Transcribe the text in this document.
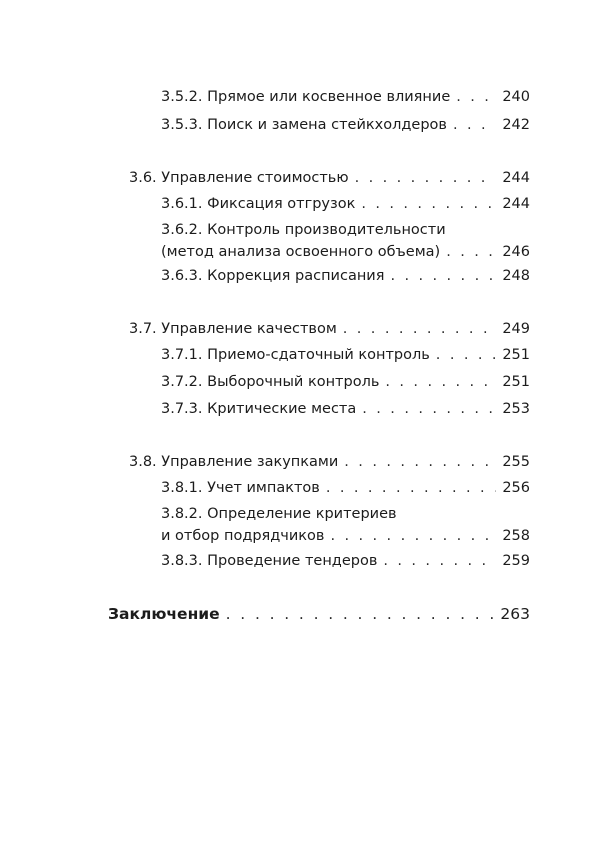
3.5.2. Прямое или косвенное влияние . . .	240
3.5.3. Поиск и замена стейкхолдеров . . .	242
3.6. Управление стоимостью . . .	244
3.6.1. Фиксация отгрузок . . .	244
3.6.2. Контроль производительности
(метод анализа освоенного объема) . . .	246
3.6.3. Коррекция расписания . . .	248
3.7. Управление качеством . . .	249
3.7.1. Приемо-сдаточный контроль . . .	251
3.7.2. Выборочный контроль . . .	251
3.7.3. Критические места . . .	253
3.8. Управление закупками . . .	255
3.8.1. Учет импактов . . .	256
3.8.2. Определение критериев
и отбор подрядчиков . . .	258
3.8.3. Проведение тендеров . . .	259
Заключение . . .	263
